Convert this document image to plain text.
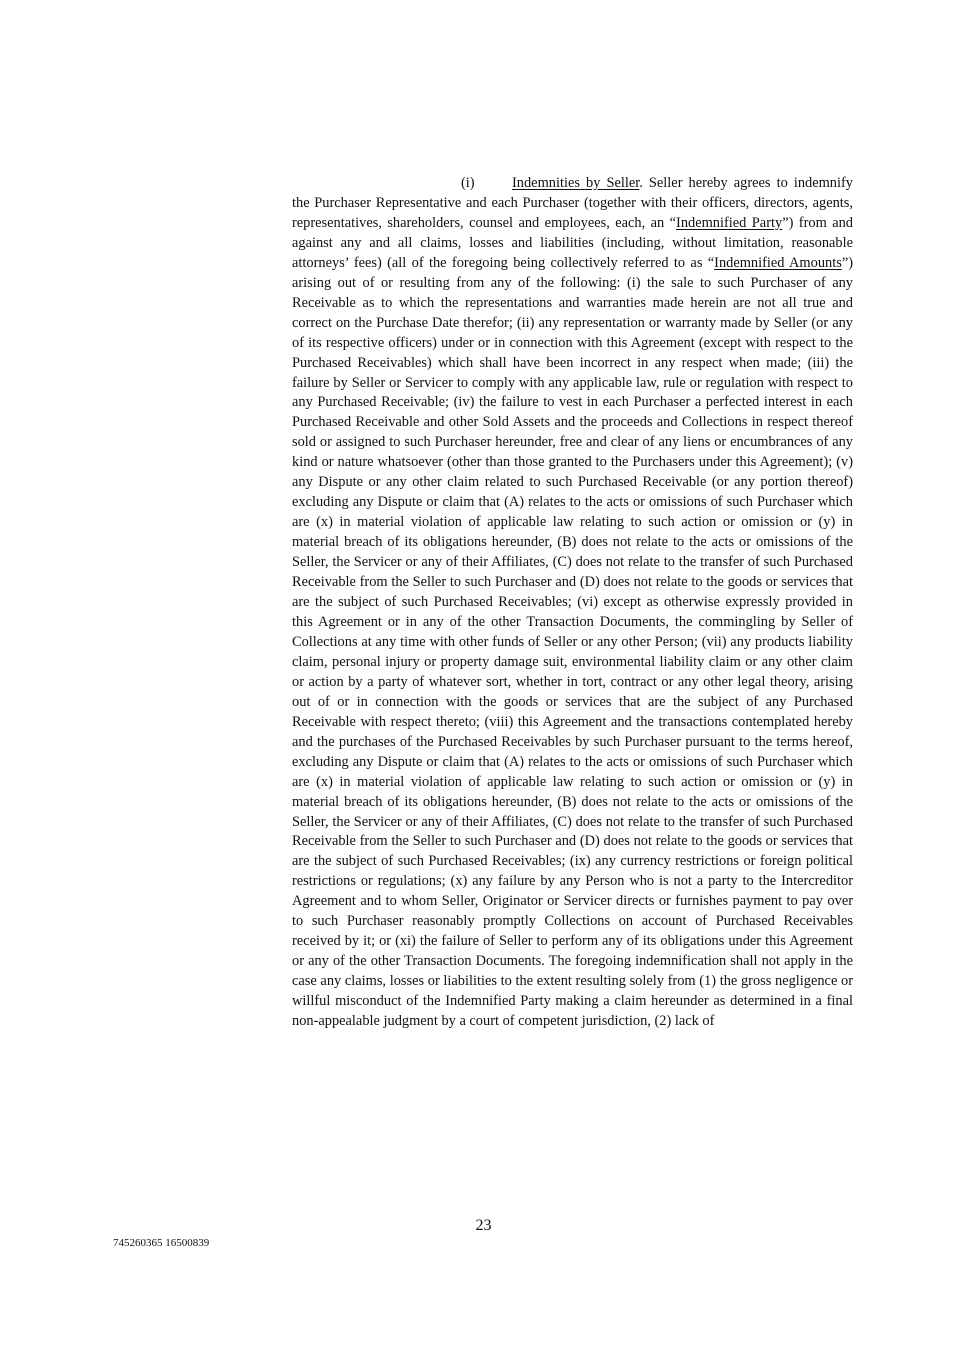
(i)	Indemnities by Seller. Seller hereby agrees to indemnify the Purchaser Representative and each Purchaser (together with their officers, directors, agents, representatives, shareholders, counsel and employees, each, an “Indemnified Party”) from and against any and all claims, losses and liabilities (including, without limitation, reasonable attorneys’ fees) (all of the foregoing being collectively referred to as “Indemnified Amounts”) arising out of or resulting from any of the following: (i) the sale to such Purchaser of any Receivable as to which the representations and warranties made herein are not all true and correct on the Purchase Date therefor; (ii) any representation or warranty made by Seller (or any of its respective officers) under or in connection with this Agreement (except with respect to the Purchased Receivables) which shall have been incorrect in any respect when made; (iii) the failure by Seller or Servicer to comply with any applicable law, rule or regulation with respect to any Purchased Receivable; (iv) the failure to vest in each Purchaser a perfected interest in each Purchased Receivable and other Sold Assets and the proceeds and Collections in respect thereof sold or assigned to such Purchaser hereunder, free and clear of any liens or encumbrances of any kind or nature whatsoever (other than those granted to the Purchasers under this Agreement); (v) any Dispute or any other claim related to such Purchased Receivable (or any portion thereof) excluding any Dispute or claim that (A) relates to the acts or omissions of such Purchaser which are (x) in material violation of applicable law relating to such action or omission or (y) in material breach of its obligations hereunder, (B) does not relate to the acts or omissions of the Seller, the Servicer or any of their Affiliates, (C) does not relate to the transfer of such Purchased Receivable from the Seller to such Purchaser and (D) does not relate to the goods or services that are the subject of such Purchased Receivables; (vi) except as otherwise expressly provided in this Agreement or in any of the other Transaction Documents, the commingling by Seller of Collections at any time with other funds of Seller or any other Person; (vii) any products liability claim, personal injury or property damage suit, environmental liability claim or any other claim or action by a party of whatever sort, whether in tort, contract or any other legal theory, arising out of or in connection with the goods or services that are the subject of any Purchased Receivable with respect thereto; (viii) this Agreement and the transactions contemplated hereby and the purchases of the Purchased Receivables by such Purchaser pursuant to the terms hereof, excluding any Dispute or claim that (A) relates to the acts or omissions of such Purchaser which are (x) in material violation of applicable law relating to such action or omission or (y) in material breach of its obligations hereunder, (B) does not relate to the acts or omissions of the Seller, the Servicer or any of their Affiliates, (C) does not relate to the transfer of such Purchased Receivable from the Seller to such Purchaser and (D) does not relate to the goods or services that are the subject of such Purchased Receivables; (ix) any currency restrictions or foreign political restrictions or regulations; (x) any failure by any Person who is not a party to the Intercreditor Agreement and to whom Seller, Originator or Servicer directs or furnishes payment to pay over to such Purchaser reasonably promptly Collections on account of Purchased Receivables received by it; or (xi) the failure of Seller to perform any of its obligations under this Agreement or any of the other Transaction Documents. The foregoing indemnification shall not apply in the case any claims, losses or liabilities to the extent resulting solely from (1) the gross negligence or willful misconduct of the Indemnified Party making a claim hereunder as determined in a final non-appealable judgment by a court of competent jurisdiction, (2) lack of

23
745260365 16500839
